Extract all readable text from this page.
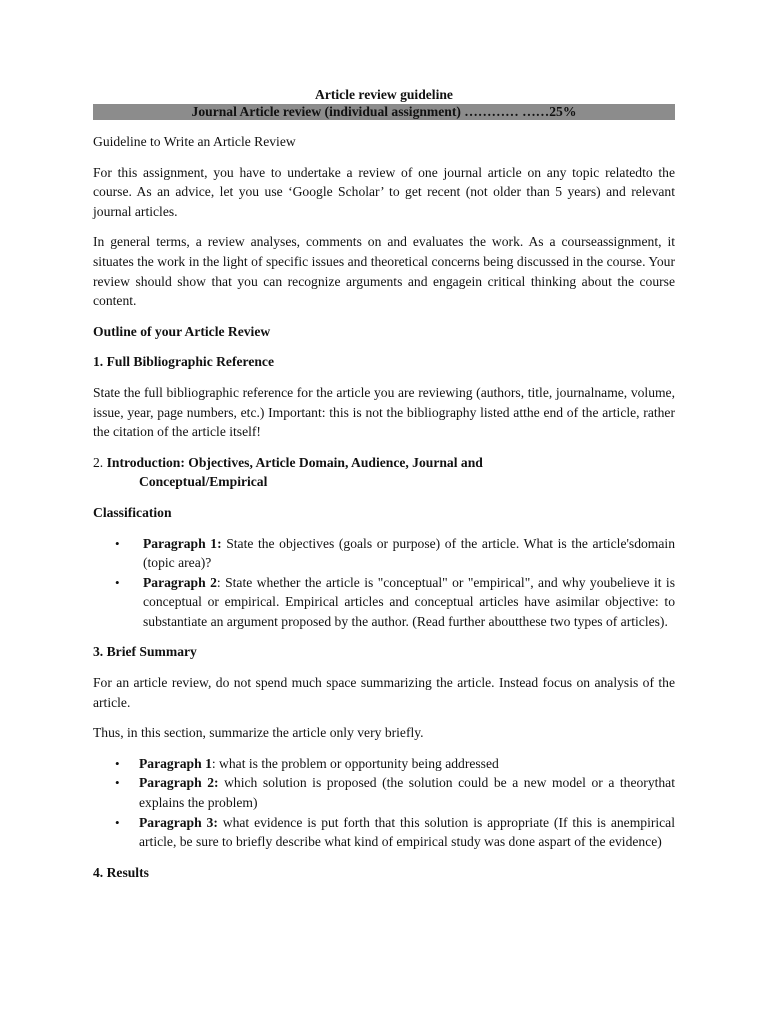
Article review guideline

Journal Article review (individual assignment) ………… ……25%

Guideline to Write an Article Review

For this assignment, you have to undertake a review of one journal article on any topic relatedto the course. As an advice, let you use ‘Google Scholar’ to get recent (not older than 5 years) and relevant journal articles.

In general terms, a review analyses, comments on and evaluates the work. As a courseassignment, it situates the work in the light of specific issues and theoretical concerns being discussed in the course. Your review should show that you can recognize arguments and engagein critical thinking about the course content.

Outline of your Article Review

1. Full Bibliographic Reference

State the full bibliographic reference for the article you are reviewing (authors, title, journalname, volume, issue, year, page numbers, etc.) Important: this is not the bibliography listed atthe end of the article, rather the citation of the article itself!

2. Introduction: Objectives, Article Domain, Audience, Journal and

Conceptual/Empirical

Classification

• Paragraph 1: State the objectives (goals or purpose) of the article. What is the article'sdomain (topic area)?
• Paragraph 2: State whether the article is "conceptual" or "empirical", and why youbelieve it is conceptual or empirical. Empirical articles and conceptual articles have asimilar objective: to substantiate an argument proposed by the author. (Read further aboutthese two types of articles).

3. Brief Summary

For an article review, do not spend much space summarizing the article. Instead focus on analysis of the article.

Thus, in this section, summarize the article only very briefly.

• Paragraph 1: what is the problem or opportunity being addressed
• Paragraph 2: which solution is proposed (the solution could be a new model or a theorythat explains the problem)
• Paragraph 3: what evidence is put forth that this solution is appropriate (If this is anempirical article, be sure to briefly describe what kind of empirical study was done aspart of the evidence)

4. Results
